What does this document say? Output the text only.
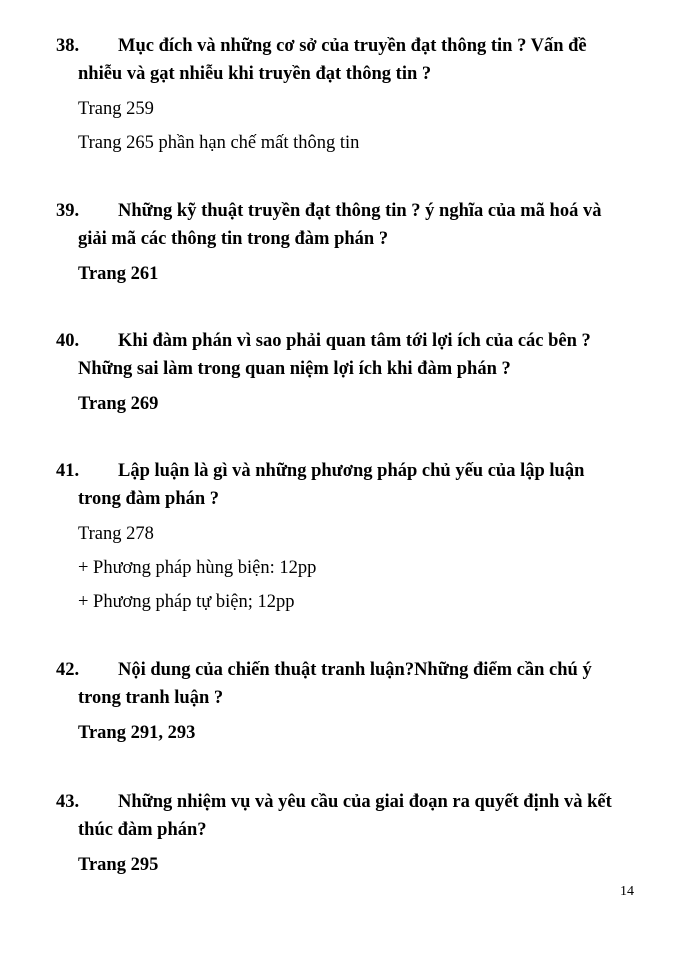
38. Mục đích và những cơ sở của truyền đạt thông tin ? Vấn đề
nhiễu và gạt nhiễu khi truyền đạt thông tin ?
Trang 259
Trang 265 phần hạn chế mất thông tin
39. Những kỹ thuật truyền đạt thông tin ? ý nghĩa của mã hoá và
giải mã các thông tin trong đàm phán ?
Trang 261
40. Khi đàm phán vì sao phải quan tâm tới lợi ích của các bên ?
Những sai làm trong quan niệm lợi ích khi đàm phán ?
Trang 269
41. Lập luận là gì và những phương pháp chủ yếu của lập luận
trong đàm phán ?
Trang 278
+ Phương pháp hùng biện: 12pp
+ Phương pháp tự biện; 12pp
42. Nội dung của chiến thuật tranh luận?Những điểm cần chú ý
trong tranh luận ?
Trang 291, 293
43. Những nhiệm vụ và yêu cầu của giai đoạn ra quyết định và kết
thúc đàm phán?
Trang 295
14
